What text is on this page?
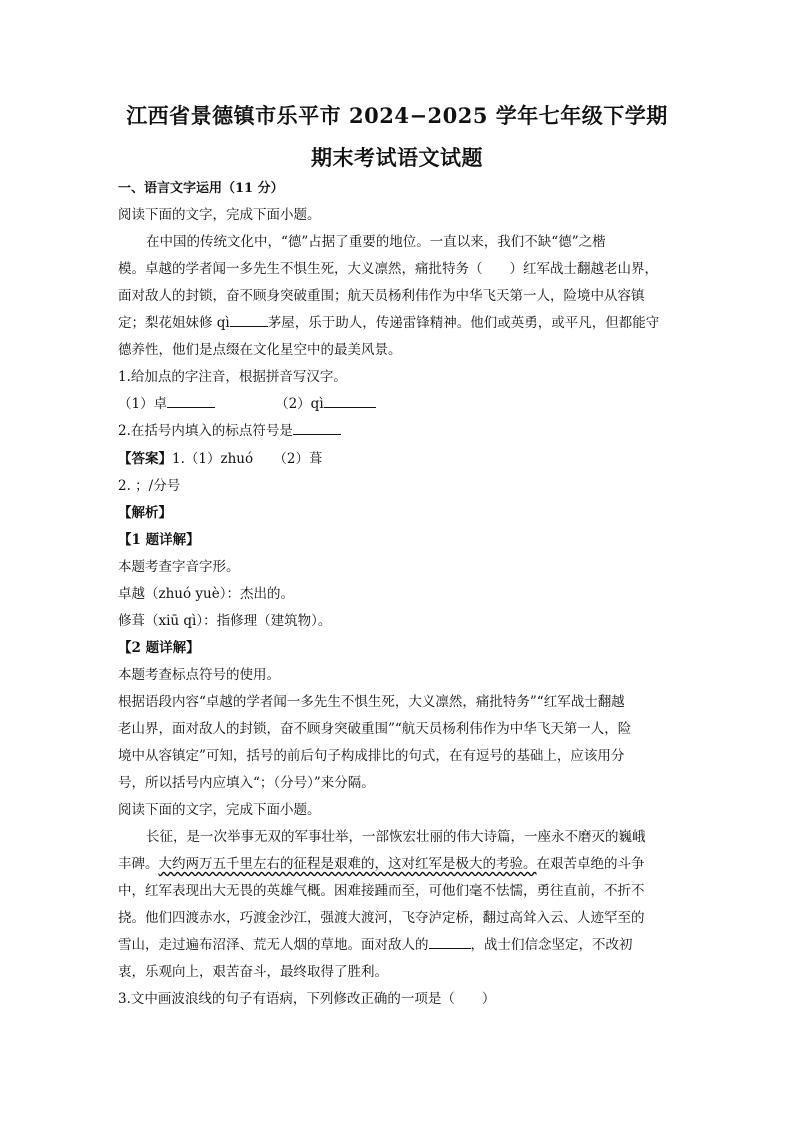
江西省景德镇市乐平市 2024−2025 学年七年级下学期
期末考试语文试题
一、语言文字运用（11 分）
阅读下面的文字，完成下面小题。
在中国的传统文化中，“德”占据了重要的地位。一直以来，我们不缺“德”之楷
模。卓越的学者闻一多先生不惧生死，大义凛然，痛批特务（　　）红军战士翻越老山界，
面对敌人的封锁，奋不顾身突破重围；航天员杨利伟作为中华飞天第一人，险境中从容镇
定；梨花姐妹修 qì	茅屋，乐于助人，传递雷锋精神。他们或英勇，或平凡，但都能守
德养性，他们是点缀在文化星空中的最美风景。
1.给加点的字注音，根据拼音写汉字。
（1）卓	（2）qì
2.在括号内填入的标点符号是
【答案】1.（1）zhuó　　（2）葺
2. ；/分号
【解析】
【1 题详解】
本题考查字音字形。
卓越（zhuó yuè）：杰出的。
修葺（xiū qì）：指修理（建筑物）。
【2 题详解】
本题考查标点符号的使用。
根据语段内容“卓越的学者闻一多先生不惧生死，大义凛然，痛批特务”“红军战士翻越
老山界，面对敌人的封锁，奋不顾身突破重围”“航天员杨利伟作为中华飞天第一人，险
境中从容镇定”可知，括号的前后句子构成排比的句式，在有逗号的基础上，应该用分
号，所以括号内应填入“；（分号）”来分隔。
阅读下面的文字，完成下面小题。
长征，是一次举事无双的军事壮举，一部恢宏壮丽的伟大诗篇，一座永不磨灭的巍峨
丰碑。大约两万五千里左右的征程是艰难的，这对红军是极大的考验。在艰苦卓绝的斗争
中，红军表现出大无畏的英雄气概。困难接踵而至，可他们毫不怯懦，勇往直前，不折不
挠。他们四渡赤水，巧渡金沙江，强渡大渡河，飞夺泸定桥，翻过高耸入云、人迹罕至的
雪山，走过遍布沼泽、荒无人烟的草地。面对敌人的	，战士们信念坚定，不改初
衷，乐观向上，艰苦奋斗，最终取得了胜利。
3.文中画波浪线的句子有语病，下列修改正确的一项是（　　）
